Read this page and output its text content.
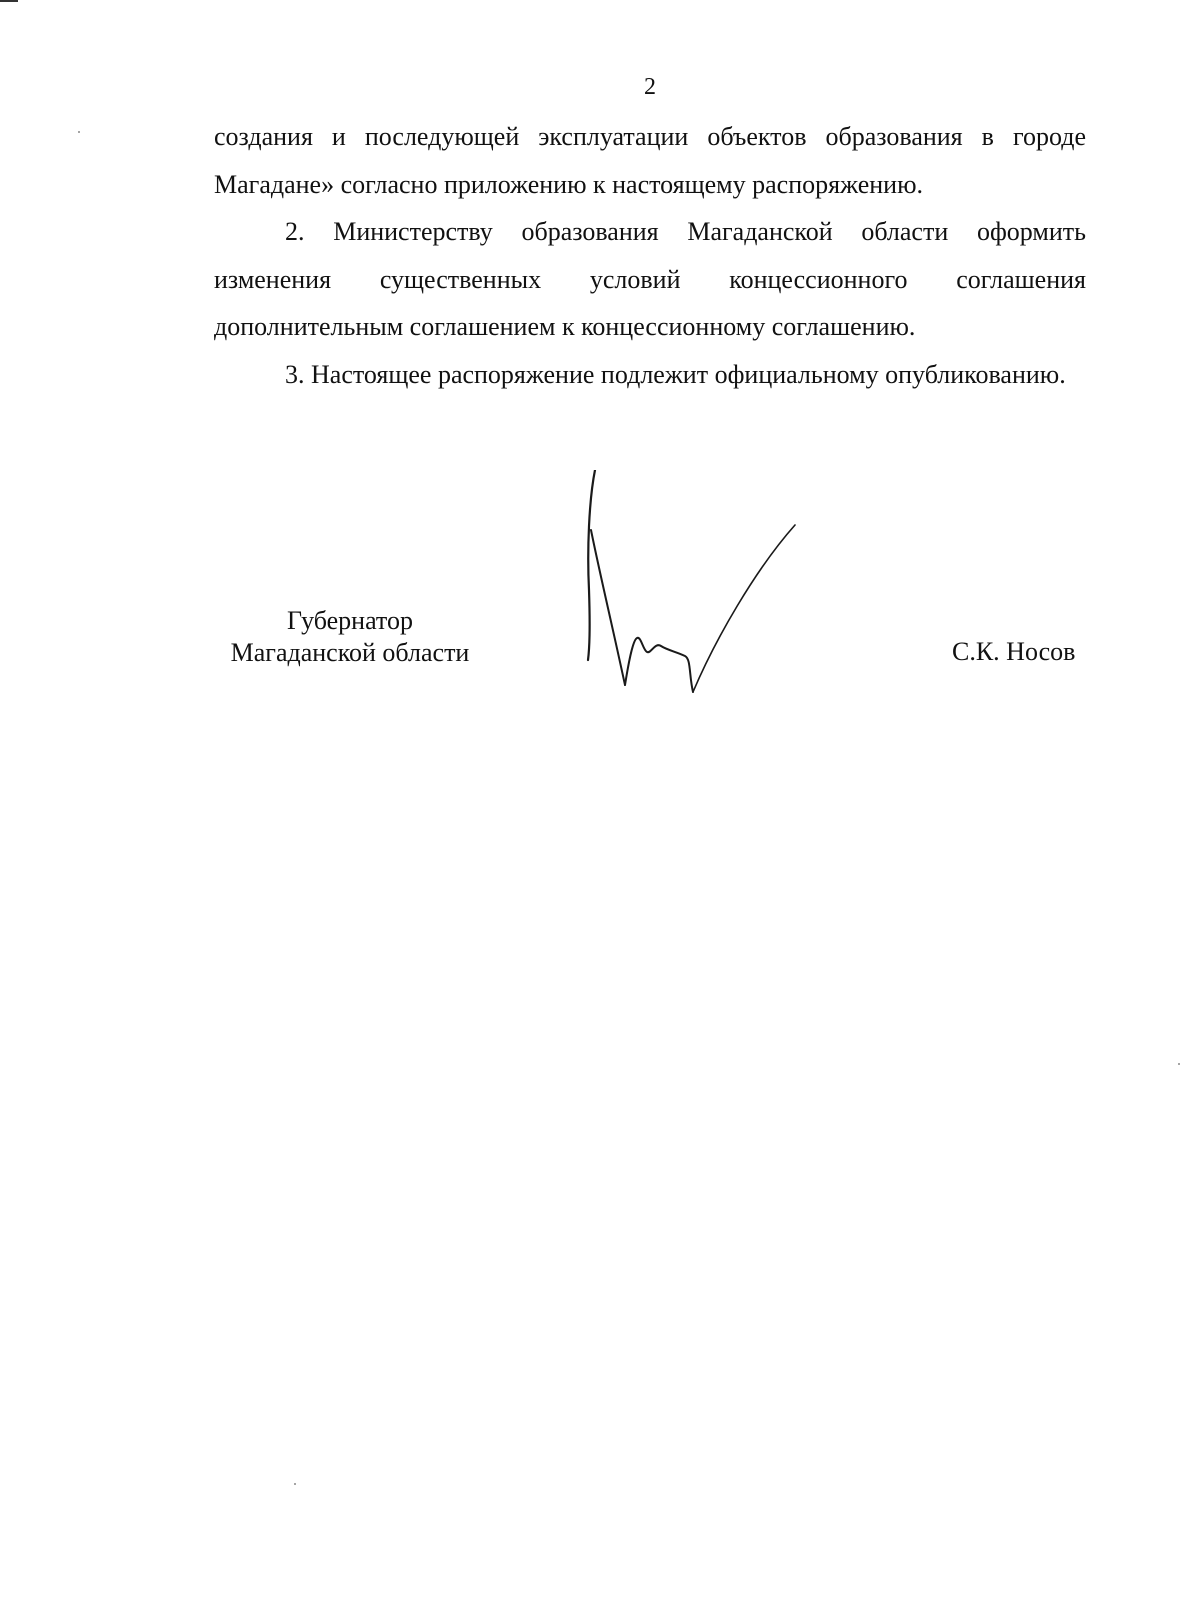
2

создания и последующей эксплуатации объектов образования в городе Магадане» согласно приложению к настоящему распоряжению.

2. Министерству образования Магаданской области оформить изменения существенных условий концессионного соглашения дополнительным соглашением к концессионному соглашению.

3. Настоящее распоряжение подлежит официальному опубликованию.

Губернатор
Магаданской области	С.К. Носов
